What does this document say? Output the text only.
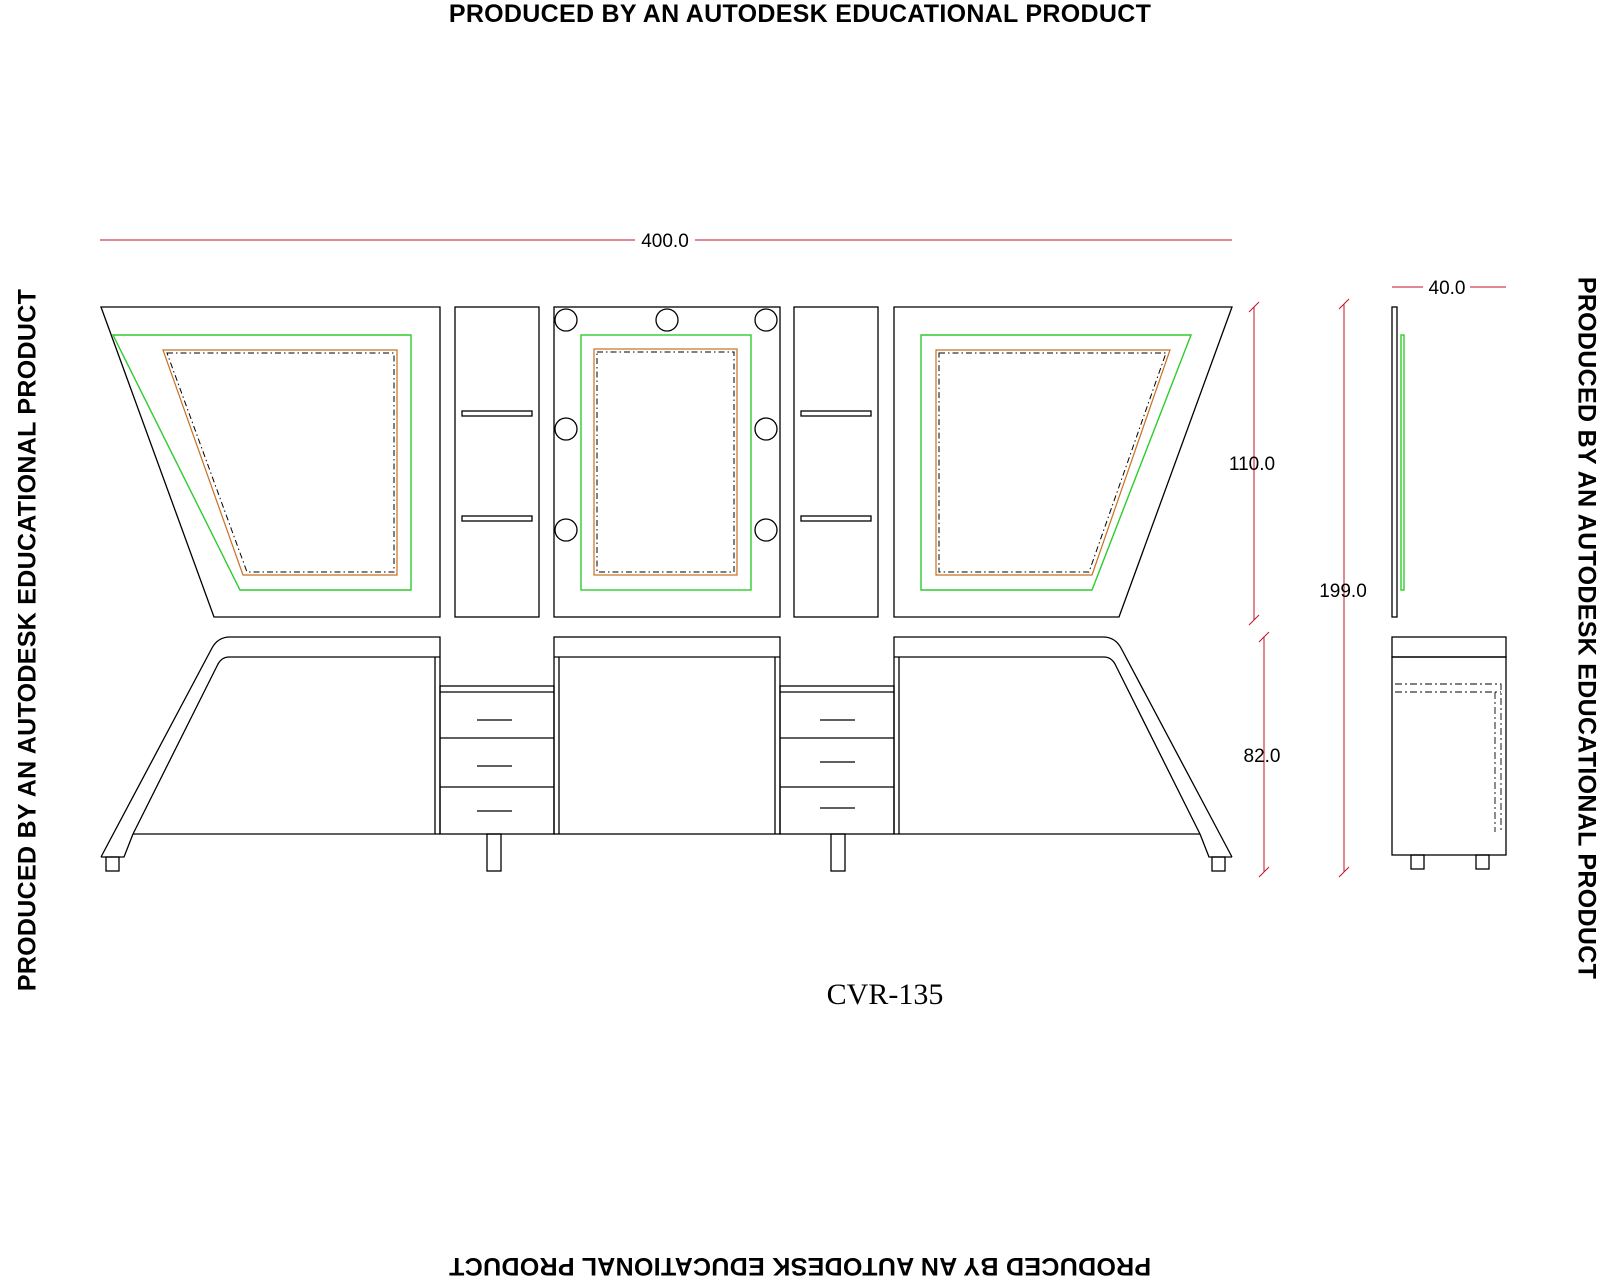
PRODUCED BY AN AUTODESK EDUCATIONAL PRODUCT
PRODUCED BY AN AUTODESK EDUCATIONAL PRODUCT	PRODUCED BY AN AUTODESK EDUCATIONAL PRODUCT
PRODUCED BY AN AUTODESK EDUCATIONAL PRODUCT
400.0
40.0
110.0
199.0
82.0
CVR-135
